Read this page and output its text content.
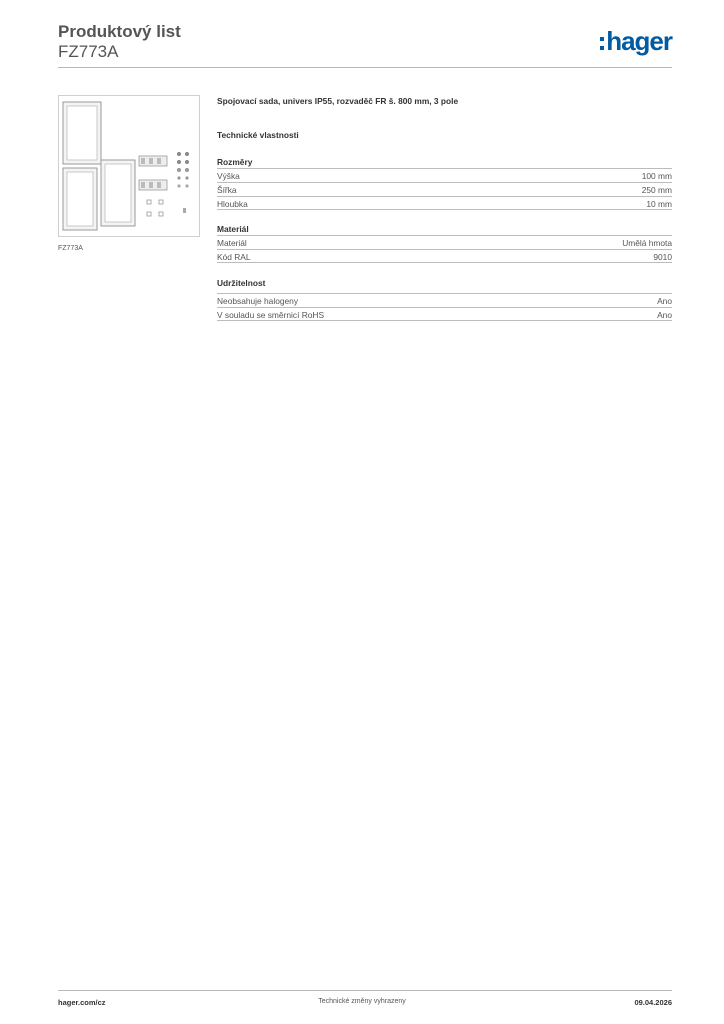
Produktový list
FZ773A	hager
FZ773A
Spojovací sada, univers IP55, rozvaděč FR š. 800 mm, 3 pole
Technické vlastnosti
Rozměry
Výška	100 mm
Šířka	250 mm
Hloubka	10 mm
Materiál
Materiál	Umělá hmota
Kód RAL	9010
Udržitelnost
Neobsahuje halogeny	Ano
V souladu se směrnicí RoHS	Ano
hager.com/cz	Technické změny vyhrazeny	09.04.2026
